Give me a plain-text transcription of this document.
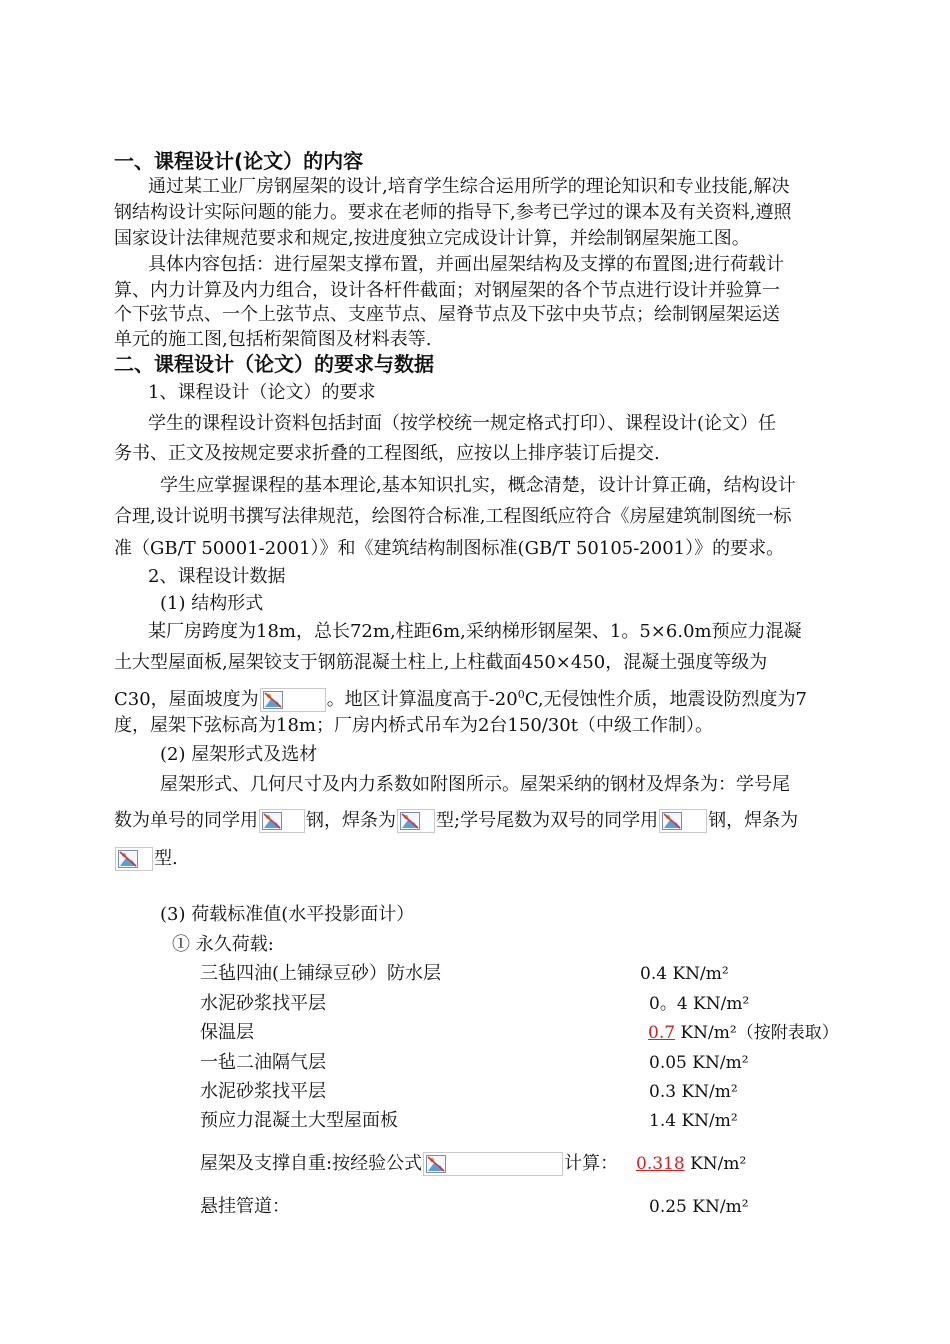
一、课程设计(论文）的内容
通过某工业厂房钢屋架的设计,培育学生综合运用所学的理论知识和专业技能,解决
钢结构设计实际问题的能力。要求在老师的指导下,参考已学过的课本及有关资料,遵照
国家设计法律规范要求和规定,按进度独立完成设计计算，并绘制钢屋架施工图。
具体内容包括：进行屋架支撑布置，并画出屋架结构及支撑的布置图;进行荷载计
算、内力计算及内力组合，设计各杆件截面；对钢屋架的各个节点进行设计并验算一
个下弦节点、一个上弦节点、支座节点、屋脊节点及下弦中央节点；绘制钢屋架运送
单元的施工图,包括桁架简图及材料表等.
二、课程设计（论文）的要求与数据
1、课程设计（论文）的要求
学生的课程设计资料包括封面（按学校统一规定格式打印）、课程设计(论文）任
务书、正文及按规定要求折叠的工程图纸，应按以上排序装订后提交.
学生应掌握课程的基本理论,基本知识扎实，概念清楚，设计计算正确，结构设计
合理,设计说明书撰写法律规范，绘图符合标准,工程图纸应符合《房屋建筑制图统一标
准（GB/T 50001-2001）》和《建筑结构制图标准(GB/T 50105-2001）》的要求。
2、课程设计数据
(1) 结构形式
某厂房跨度为18m，总长72m,柱距6m,采纳梯形钢屋架、1。5×6.0m预应力混凝
土大型屋面板,屋架铰支于钢筋混凝土柱上,上柱截面450×450，混凝土强度等级为
C30，屋面坡度为	。地区计算温度高于$-20^0C$,无侵蚀性介质，地震设防烈度为7
度，屋架下弦标高为18m；厂房内桥式吊车为2台150/30t（中级工作制）。
(2) 屋架形式及选材
屋架形式、几何尺寸及内力系数如附图所示。屋架采纳的钢材及焊条为：学号尾
数为单号的同学用	钢，焊条为 型;学号尾数为双号的同学用	钢，焊条为
型.
(3) 荷载标准值(水平投影面计）
① 永久荷载:
三毡四油(上铺绿豆砂）防水层	0.4 KN/m²
水泥砂浆找平层	0。4 KN/m²
保温层	0.7 KN/m²（按附表取）
一毡二油隔气层	0.05 KN/m²
水泥砂浆找平层	0.3 KN/m²
预应力混凝土大型屋面板	1.4 KN/m²
屋架及支撑自重:按经验公式	计算： 0.318 KN/m²
悬挂管道：	0.25 KN/m²
